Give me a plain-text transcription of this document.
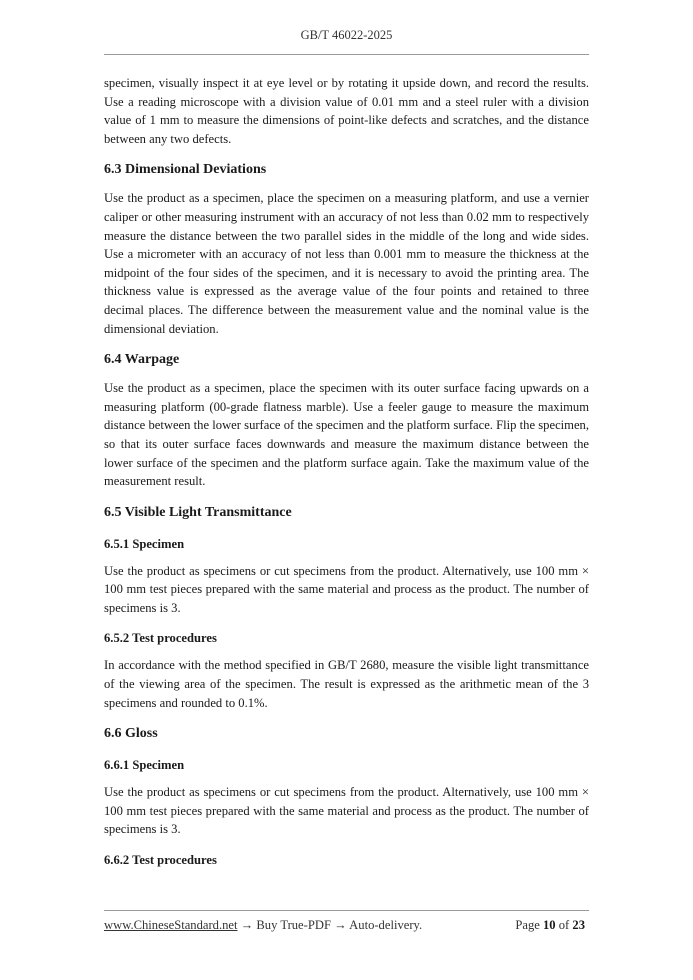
GB/T 46022-2025

specimen, visually inspect it at eye level or by rotating it upside down, and record the results. Use a reading microscope with a division value of 0.01 mm and a steel ruler with a division value of 1 mm to measure the dimensions of point-like defects and scratches, and the distance between any two defects.

6.3 Dimensional Deviations

Use the product as a specimen, place the specimen on a measuring platform, and use a vernier caliper or other measuring instrument with an accuracy of not less than 0.02 mm to respectively measure the distance between the two parallel sides in the middle of the long and wide sides. Use a micrometer with an accuracy of not less than 0.001 mm to measure the thickness at the midpoint of the four sides of the specimen, and it is necessary to avoid the printing area. The thickness value is expressed as the average value of the four points and retained to three decimal places. The difference between the measurement value and the nominal value is the dimensional deviation.

6.4 Warpage

Use the product as a specimen, place the specimen with its outer surface facing upwards on a measuring platform (00-grade flatness marble). Use a feeler gauge to measure the maximum distance between the lower surface of the specimen and the platform surface. Flip the specimen, so that its outer surface faces downwards and measure the maximum distance between the lower surface of the specimen and the platform surface again. Take the maximum value of the measurement result.

6.5 Visible Light Transmittance
6.5.1 Specimen

Use the product as specimens or cut specimens from the product. Alternatively, use 100 mm × 100 mm test pieces prepared with the same material and process as the product. The number of specimens is 3.

6.5.2 Test procedures

In accordance with the method specified in GB/T 2680, measure the visible light transmittance of the viewing area of the specimen. The result is expressed as the arithmetic mean of the 3 specimens and rounded to 0.1%.

6.6 Gloss
6.6.1 Specimen

Use the product as specimens or cut specimens from the product. Alternatively, use 100 mm × 100 mm test pieces prepared with the same material and process as the product. The number of specimens is 3.

6.6.2 Test procedures
www.ChineseStandard.net → Buy True-PDF → Auto-delivery.	Page 10 of 23
